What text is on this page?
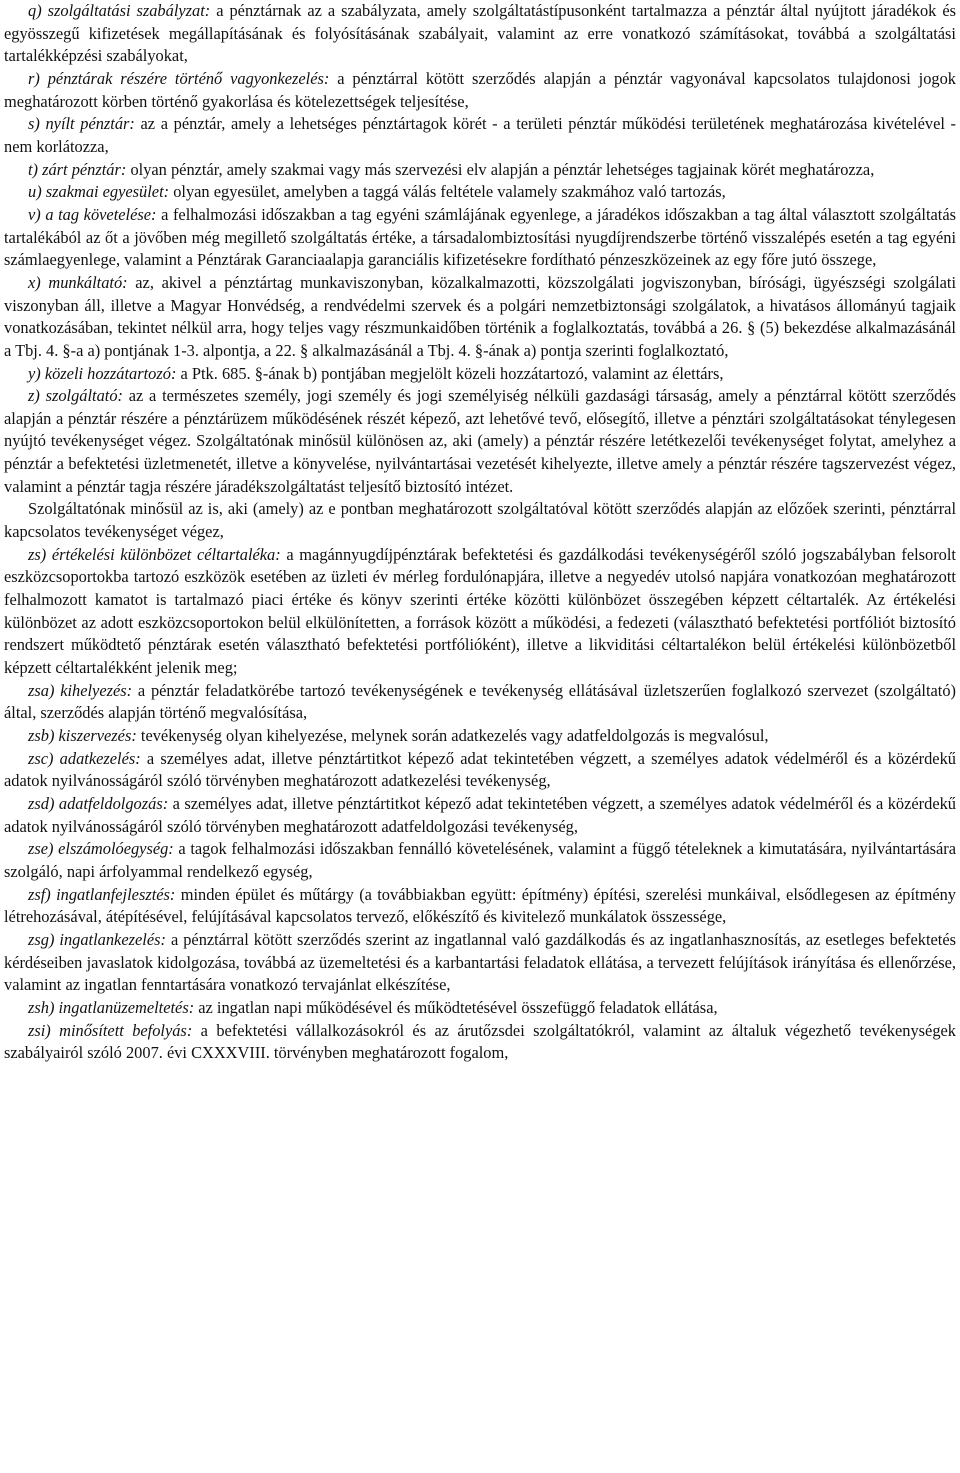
q) szolgáltatási szabályzat: a pénztárnak az a szabályzata, amely szolgáltatástípusonként tartalmazza a pénztár által nyújtott járadékok és egyösszegű kifizetések megállapításának és folyósításának szabályait, valamint az erre vonatkozó számításokat, továbbá a szolgáltatási tartalékképzési szabályokat,

r) pénztárak részére történő vagyonkezelés: a pénztárral kötött szerződés alapján a pénztár vagyonával kapcsolatos tulajdonosi jogok meghatározott körben történő gyakorlása és kötelezettségek teljesítése,

s) nyílt pénztár: az a pénztár, amely a lehetséges pénztártagok körét - a területi pénztár működési területének meghatározása kivételével - nem korlátozza,

t) zárt pénztár: olyan pénztár, amely szakmai vagy más szervezési elv alapján a pénztár lehetséges tagjainak körét meghatározza,

u) szakmai egyesület: olyan egyesület, amelyben a taggá válás feltétele valamely szakmához való tartozás,

v) a tag követelése: a felhalmozási időszakban a tag egyéni számlájának egyenlege, a járadékos időszakban a tag által választott szolgáltatás tartalékából az őt a jövőben még megillető szolgáltatás értéke, a társadalombiztosítási nyugdíjrendszerbe történő visszalépés esetén a tag egyéni számlaegyenlege, valamint a Pénztárak Garanciaalapja garanciális kifizetésekre fordítható pénzeszközeinek az egy főre jutó összege,

x) munkáltató: az, akivel a pénztártag munkaviszonyban, közalkalmazotti, közszolgálati jogviszonyban, bírósági, ügyészségi szolgálati viszonyban áll, illetve a Magyar Honvédség, a rendvédelmi szervek és a polgári nemzetbiztonsági szolgálatok, a hivatásos állományú tagjaik vonatkozásában, tekintet nélkül arra, hogy teljes vagy részmunkaidőben történik a foglalkoztatás, továbbá a 26. § (5) bekezdése alkalmazásánál a Tbj. 4. §-a a) pontjának 1-3. alpontja, a 22. § alkalmazásánál a Tbj. 4. §-ának a) pontja szerinti foglalkoztató,

y) közeli hozzátartozó: a Ptk. 685. §-ának b) pontjában megjelölt közeli hozzátartozó, valamint az élettárs,

z) szolgáltató: az a természetes személy, jogi személy és jogi személyiség nélküli gazdasági társaság, amely a pénztárral kötött szerződés alapján a pénztár részére a pénztárüzem működésének részét képező, azt lehetővé tevő, elősegítő, illetve a pénztári szolgáltatásokat ténylegesen nyújtó tevékenységet végez. Szolgáltatónak minősül különösen az, aki (amely) a pénztár részére letétkezelői tevékenységet folytat, amelyhez a pénztár a befektetési üzletmenetét, illetve a könyvelése, nyilvántartásai vezetését kihelyezte, illetve amely a pénztár részére tagszervezést végez, valamint a pénztár tagja részére járadékszolgáltatást teljesítő biztosító intézet.

Szolgáltatónak minősül az is, aki (amely) az e pontban meghatározott szolgáltatóval kötött szerződés alapján az előzőek szerinti, pénztárral kapcsolatos tevékenységet végez,

zs) értékelési különbözet céltartaléka: a magánnyugdíjpénztárak befektetési és gazdálkodási tevékenységéről szóló jogszabályban felsorolt eszközcsoportokba tartozó eszközök esetében az üzleti év mérleg fordulónapjára, illetve a negyedév utolsó napjára vonatkozóan meghatározott felhalmozott kamatot is tartalmazó piaci értéke és könyv szerinti értéke közötti különbözet összegében képzett céltartalék. Az értékelési különbözet az adott eszközcsoportokon belül elkülönítetten, a források között a működési, a fedezeti (választható befektetési portfóliót biztosító rendszert működtető pénztárak esetén választható befektetési portfólióként), illetve a likviditási céltartalékon belül értékelési különbözetből képzett céltartalékként jelenik meg;

zsa) kihelyezés: a pénztár feladatkörébe tartozó tevékenységének e tevékenység ellátásával üzletszerűen foglalkozó szervezet (szolgáltató) által, szerződés alapján történő megvalósítása,

zsb) kiszervezés: tevékenység olyan kihelyezése, melynek során adatkezelés vagy adatfeldolgozás is megvalósul,

zsc) adatkezelés: a személyes adat, illetve pénztártitkot képező adat tekintetében végzett, a személyes adatok védelméről és a közérdekű adatok nyilvánosságáról szóló törvényben meghatározott adatkezelési tevékenység,

zsd) adatfeldolgozás: a személyes adat, illetve pénztártitkot képező adat tekintetében végzett, a személyes adatok védelméről és a közérdekű adatok nyilvánosságáról szóló törvényben meghatározott adatfeldolgozási tevékenység,

zse) elszámolóegység: a tagok felhalmozási időszakban fennálló követelésének, valamint a függő tételeknek a kimutatására, nyilvántartására szolgáló, napi árfolyammal rendelkező egység,

zsf) ingatlanfejlesztés: minden épület és műtárgy (a továbbiakban együtt: építmény) építési, szerelési munkáival, elsődlegesen az építmény létrehozásával, átépítésével, felújításával kapcsolatos tervező, előkészítő és kivitelező munkálatok összessége,

zsg) ingatlankezelés: a pénztárral kötött szerződés szerint az ingatlannal való gazdálkodás és az ingatlanhasznosítás, az esetleges befektetés kérdéseiben javaslatok kidolgozása, továbbá az üzemeltetési és a karbantartási feladatok ellátása, a tervezett felújítások irányítása és ellenőrzése, valamint az ingatlan fenntartására vonatkozó tervajánlat elkészítése,

zsh) ingatlanüzemeltetés: az ingatlan napi működésével és működtetésével összefüggő feladatok ellátása,

zsi) minősített befolyás: a befektetési vállalkozásokról és az árutőzsdei szolgáltatókról, valamint az általuk végezhető tevékenységek szabályairól szóló 2007. évi CXXXVIII. törvényben meghatározott fogalom,
